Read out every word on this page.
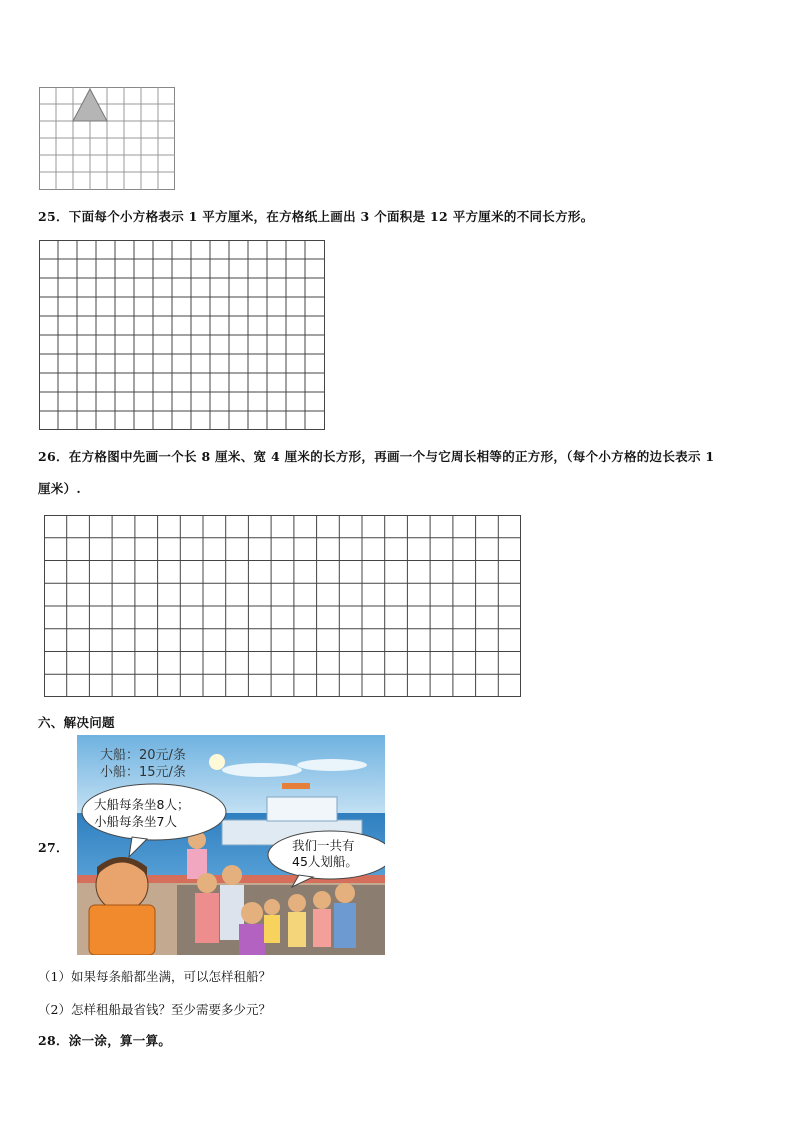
25．下面每个小方格表示 1 平方厘米，在方格纸上画出 3 个面积是 12 平方厘米的不同长方形。
26．在方格图中先画一个长 8 厘米、宽 4 厘米的长方形，再画一个与它周长相等的正方形，（每个小方格的边长表示 1
厘米）.
六、解决问题
27．
大船：20元/条
小船：15元/条
大船每条坐8人；
小船每条坐7人
我们一共有
45人划船。
（1）如果每条船都坐满，可以怎样租船？
（2）怎样租船最省钱？至少需要多少元？
28．涂一涂，算一算。
